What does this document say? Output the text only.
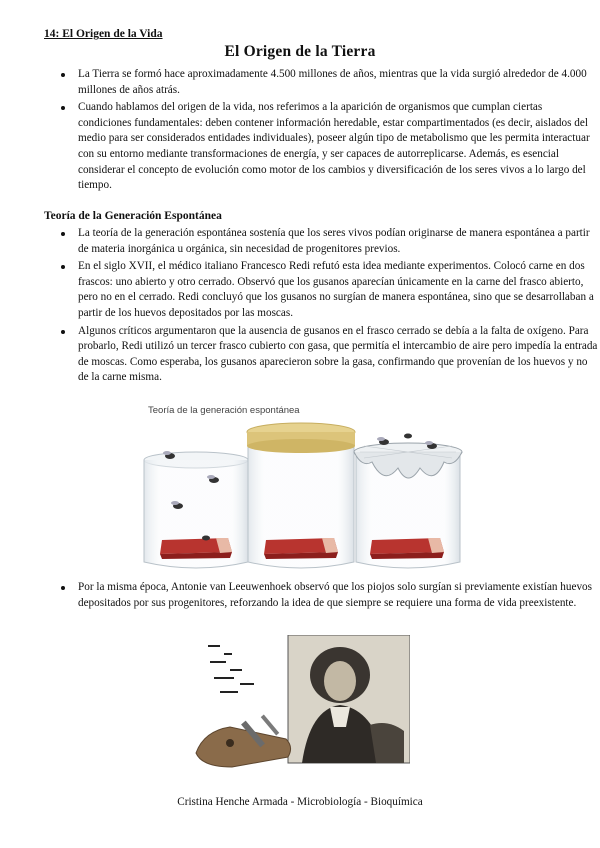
14: El Origen de la Vida
El Origen de la Tierra
La Tierra se formó hace aproximadamente 4.500 millones de años, mientras que la vida surgió alrededor de 4.000 millones de años atrás.
Cuando hablamos del origen de la vida, nos referimos a la aparición de organismos que cumplan ciertas condiciones fundamentales: deben contener información heredable, estar compartimentados (es decir, aislados del medio para ser considerados entidades individuales), poseer algún tipo de metabolismo que les permita interactuar con su entorno mediante transformaciones de energía, y ser capaces de autorreplicarse. Además, es esencial considerar el concepto de evolución como motor de los cambios y diversificación de los seres vivos a lo largo del tiempo.
Teoría de la Generación Espontánea
La teoría de la generación espontánea sostenía que los seres vivos podían originarse de manera espontánea a partir de materia inorgánica u orgánica, sin necesidad de progenitores previos.
En el siglo XVII, el médico italiano Francesco Redi refutó esta idea mediante experimentos. Colocó carne en dos frascos: uno abierto y otro cerrado. Observó que los gusanos aparecían únicamente en la carne del frasco abierto, pero no en el cerrado. Redi concluyó que los gusanos no surgían de manera espontánea, sino que se desarrollaban a partir de los huevos depositados por las moscas.
Algunos críticos argumentaron que la ausencia de gusanos en el frasco cerrado se debía a la falta de oxígeno. Para probarlo, Redi utilizó un tercer frasco cubierto con gasa, que permitía el intercambio de aire pero impedía la entrada de moscas. Como esperaba, los gusanos aparecieron sobre la gasa, confirmando que provenían de los huevos y no de la carne misma.
Teoría de la generación espontánea
Por la misma época, Antonie van Leeuwenhoek observó que los piojos solo surgían si previamente existían huevos depositados por sus progenitores, reforzando la idea de que siempre se requiere una forma de vida preexistente.
Cristina Henche Armada - Microbiología - Bioquímica
